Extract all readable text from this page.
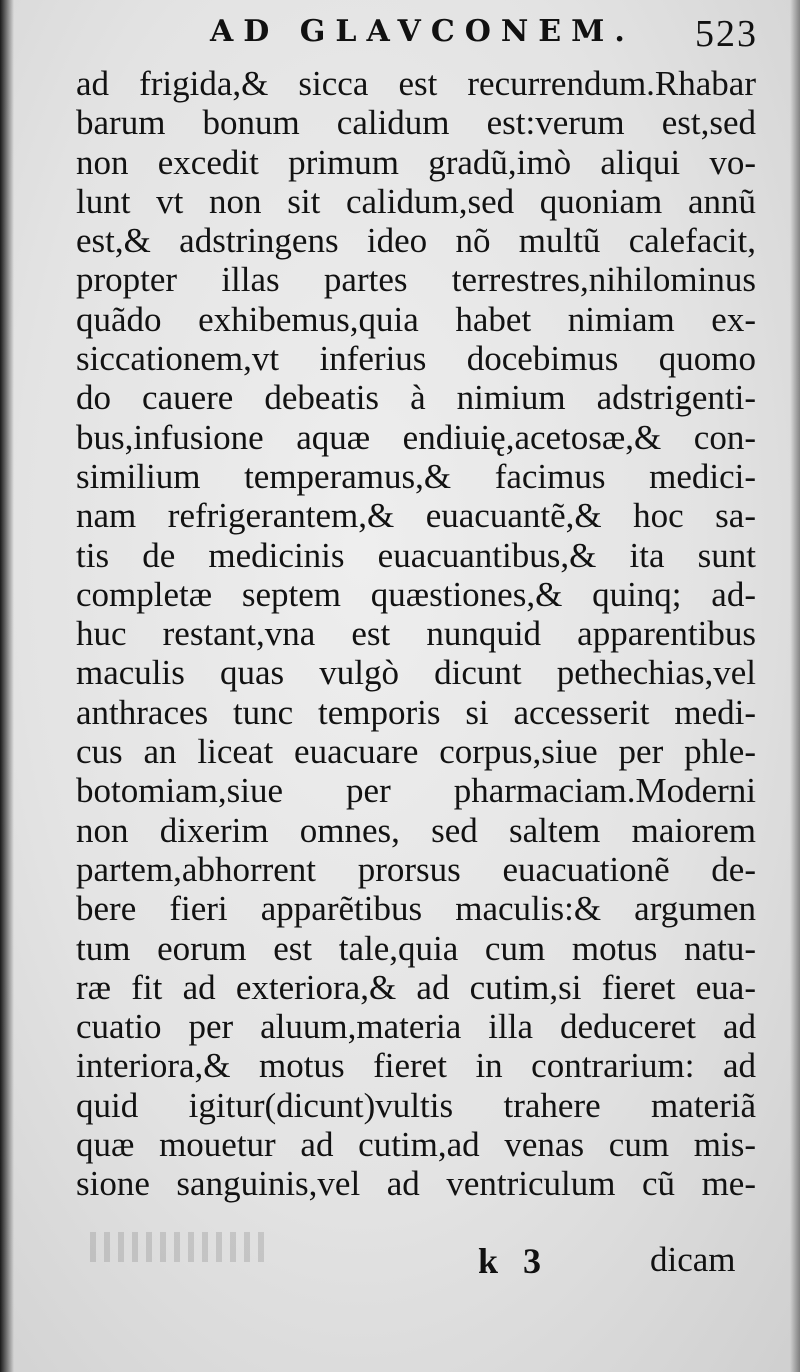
AD GLAVCONEM. 523
ad frigida,& sicca est recurrendum.Rhabar
barum bonum calidum est:verum est,sed
non excedit primum gradũ,imò aliqui vo-
lunt vt non sit calidum,sed quoniam annũ
est,& adstringens ideo nõ multũ calefacit,
propter illas partes terrestres,nihilominus
quãdo exhibemus,quia habet nimiam ex-
siccationem,vt inferius docebimus quomo
do cauere debeatis à nimium adstrigenti-
bus,infusione aquæ endiuię,acetosæ,& con-
similium temperamus,& facimus medici-
nam refrigerantem,& euacuantẽ,& hoc sa-
tis de medicinis euacuantibus,& ita sunt
completæ septem quæstiones,& quinq; ad-
huc restant,vna est nunquid apparentibus
maculis quas vulgò dicunt pethechias,vel
anthraces tunc temporis si accesserit medi-
cus an liceat euacuare corpus,siue per phle-
botomiam,siue per pharmaciam.Moderni
non dixerim omnes, sed saltem maiorem
partem,abhorrent prorsus euacuationẽ de-
bere fieri apparẽtibus maculis:& argumen
tum eorum est tale,quia cum motus natu-
ræ fit ad exteriora,& ad cutim,si fieret eua-
cuatio per aluum,materia illa deduceret ad
interiora,& motus fieret in contrarium: ad
quid igitur(dicunt)vultis trahere materiã
quæ mouetur ad cutim,ad venas cum mis-
sione sanguinis,vel ad ventriculum cũ me-
k 3	dicam
